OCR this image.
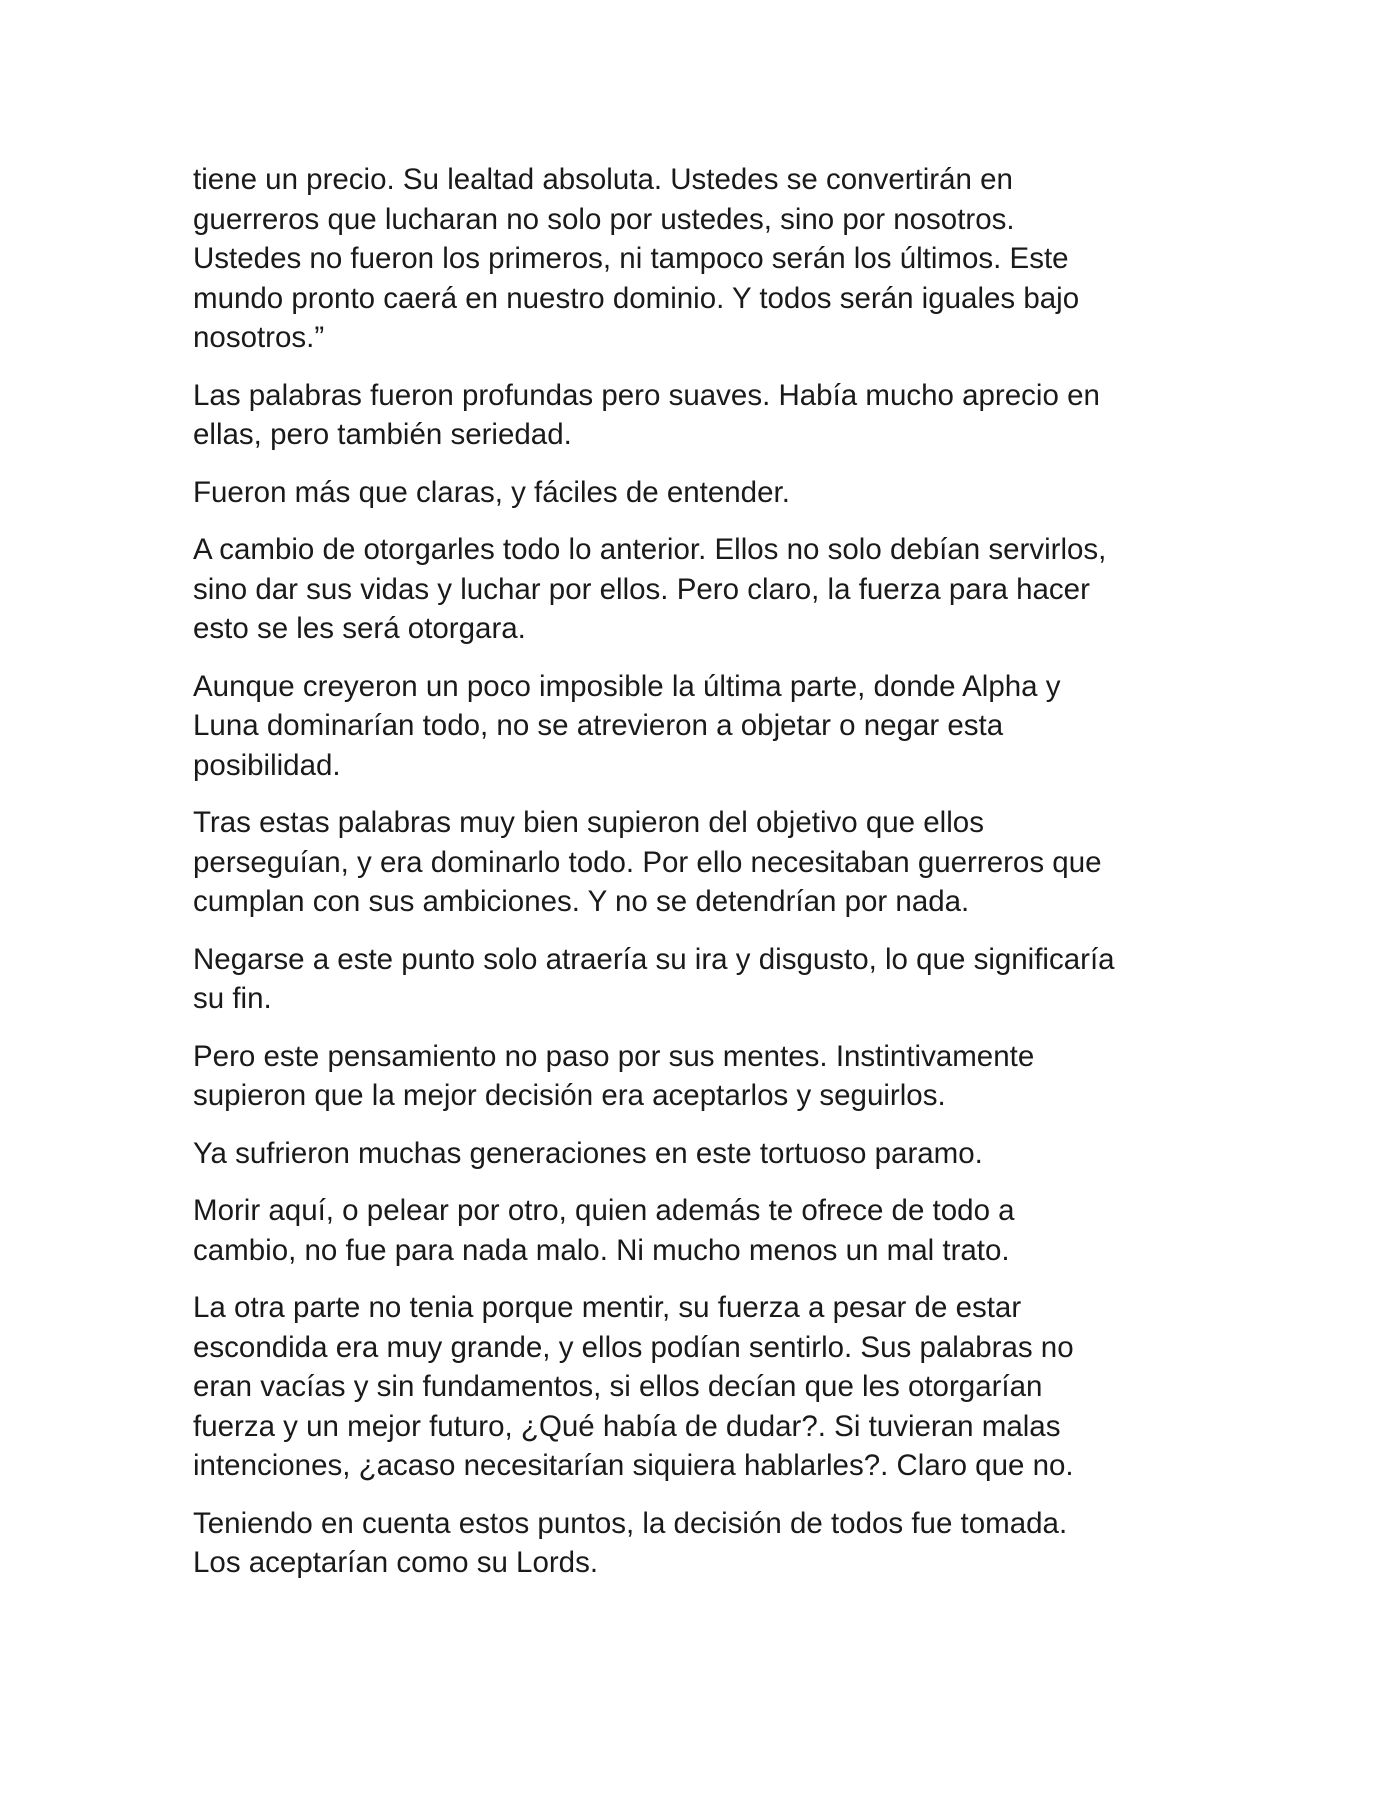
tiene un precio. Su lealtad absoluta. Ustedes se convertirán en
guerreros que lucharan no solo por ustedes, sino por nosotros.
Ustedes no fueron los primeros, ni tampoco serán los últimos. Este
mundo pronto caerá en nuestro dominio. Y todos serán iguales bajo
nosotros.”

Las palabras fueron profundas pero suaves. Había mucho aprecio en
ellas, pero también seriedad.

Fueron más que claras, y fáciles de entender.

A cambio de otorgarles todo lo anterior. Ellos no solo debían servirlos,
sino dar sus vidas y luchar por ellos. Pero claro, la fuerza para hacer
esto se les será otorgara.

Aunque creyeron un poco imposible la última parte, donde Alpha y
Luna dominarían todo, no se atrevieron a objetar o negar esta
posibilidad.

Tras estas palabras muy bien supieron del objetivo que ellos
perseguían, y era dominarlo todo. Por ello necesitaban guerreros que
cumplan con sus ambiciones. Y no se detendrían por nada.

Negarse a este punto solo atraería su ira y disgusto, lo que significaría
su fin.

Pero este pensamiento no paso por sus mentes. Instintivamente
supieron que la mejor decisión era aceptarlos y seguirlos.

Ya sufrieron muchas generaciones en este tortuoso paramo.

Morir aquí, o pelear por otro, quien además te ofrece de todo a
cambio, no fue para nada malo. Ni mucho menos un mal trato.

La otra parte no tenia porque mentir, su fuerza a pesar de estar
escondida era muy grande, y ellos podían sentirlo. Sus palabras no
eran vacías y sin fundamentos, si ellos decían que les otorgarían
fuerza y un mejor futuro, ¿Qué había de dudar?. Si tuvieran malas
intenciones, ¿acaso necesitarían siquiera hablarles?. Claro que no.

Teniendo en cuenta estos puntos, la decisión de todos fue tomada.
Los aceptarían como su Lords.
